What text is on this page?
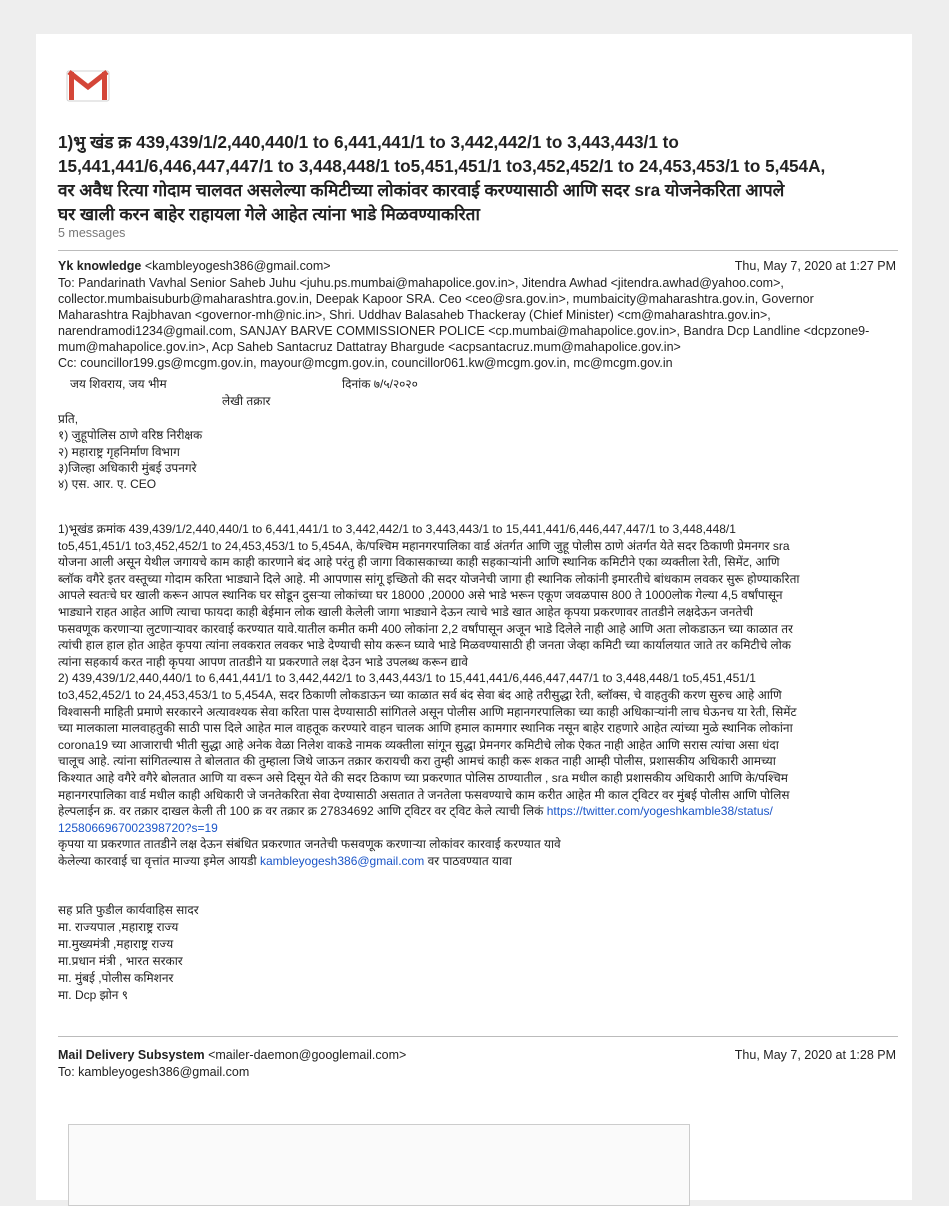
1)भु खंड क्र 439,439/1/2,440,440/1 to 6,441,441/1 to 3,442,442/1 to 3,443,443/1 to
15,441,441/6,446,447,447/1 to 3,448,448/1 to5,451,451/1 to3,452,452/1 to 24,453,453/1 to 5,454A,
वर अवैध रित्या गोदाम चालवत असलेल्या कमिटीच्या लोकांवर कारवाई करण्यासाठी आणि सदर sra योजनेकरिता आपले
घर खाली करन बाहेर राहायला गेले आहेत त्यांना भाडे मिळवण्याकरिता
5 messages
Yk knowledge <kambleyogesh386@gmail.com>	Thu, May 7, 2020 at 1:27 PM
To: Pandarinath Vavhal Senior Saheb Juhu <juhu.ps.mumbai@mahapolice.gov.in>, Jitendra Awhad <jitendra.awhad@yahoo.com>,
collector.mumbaisuburb@maharashtra.gov.in, Deepak Kapoor SRA. Ceo <ceo@sra.gov.in>, mumbaicity@maharashtra.gov.in, Governor
Maharashtra Rajbhavan <governor-mh@nic.in>, Shri. Uddhav Balasaheb Thackeray (Chief Minister) <cm@maharashtra.gov.in>,
narendramodi1234@gmail.com, SANJAY BARVE COMMISSIONER POLICE <cp.mumbai@mahapolice.gov.in>, Bandra Dcp Landline <dcpzone9-
mum@mahapolice.gov.in>, Acp Saheb Santacruz Dattatray Bhargude <acpsantacruz.mum@mahapolice.gov.in>
Cc: councillor199.gs@mcgm.gov.in, mayour@mcgm.gov.in, councillor061.kw@mcgm.gov.in, mc@mcgm.gov.in
जय शिवराय, जय भीम	दिनांक ७/५/२०२०
लेखी तक्रार
प्रति,
१) जुहूपोलिस ठाणे वरिष्ठ निरीक्षक
२) महाराष्ट्र गृहनिर्माण विभाग
३)जिल्हा अधिकारी मुंबई उपनगरे
४) एस. आर. ए. CEO
1)भूखंड क्रमांक 439,439/1/2,440,440/1 to 6,441,441/1 to 3,442,442/1 to 3,443,443/1 to 15,441,441/6,446,447,447/1 to 3,448,448/1
to5,451,451/1 to3,452,452/1 to 24,453,453/1 to 5,454A, के/पश्चिम महानगरपालिका वार्ड अंतर्गत आणि जुहू पोलीस ठाणे अंतर्गत येते सदर ठिकाणी प्रेमनगर sra
योजना आली असून येथील जगायचे काम काही कारणाने बंद आहे परंतु ही जागा विकासकाच्या काही सहकाऱ्यांनी आणि स्थानिक कमिटीने एका व्यक्तीला रेती, सिमेंट, आणि
ब्लॉक वगैरे इतर वस्तूच्या गोदाम करिता भाड्याने दिले आहे. मी आपणास सांगू इच्छितो की सदर योजनेची जागा ही स्थानिक लोकांनी इमारतीचे बांधकाम लवकर सुरू होण्याकरिता
आपले स्वतःचे घर खाली करून आपल स्थानिक घर सोडून दुसऱ्या लोकांच्या घर 18000 ,20000 असे भाडे भरून एकूण जवळपास 800 ते 1000लोक गेल्या 4,5 वर्षांपासून
भाड्याने राहत आहेत आणि त्याचा फायदा काही बेईमान लोक खाली केलेली जागा भाड्याने देऊन त्याचे भाडे खात आहेत कृपया प्रकरणावर तातडीने लक्षदेऊन जनतेची
फसवणूक करणाऱ्या लुटणाऱ्यावर कारवाई करण्यात यावे.यातील कमीत कमी 400 लोकांना 2,2 वर्षांपासून अजून भाडे दिलेले नाही आहे आणि अता लोकडाऊन च्या काळात तर
त्यांची हाल हाल होत आहेत कृपया त्यांना लवकरात लवकर भाडे देण्याची सोय करून घ्यावे भाडे मिळवण्यासाठी ही जनता जेव्हा कमिटी च्या कार्यालयात जाते तर कमिटीचे लोक
त्यांना सहकार्य करत नाही कृपया आपण तातडीने या प्रकरणाते लक्ष देउन भाडे उपलब्ध करून द्यावे
2) 439,439/1/2,440,440/1 to 6,441,441/1 to 3,442,442/1 to 3,443,443/1 to 15,441,441/6,446,447,447/1 to 3,448,448/1 to5,451,451/1
to3,452,452/1 to 24,453,453/1 to 5,454A, सदर ठिकाणी लोकडाऊन च्या काळात सर्व बंद सेवा बंद आहे तरीसुद्धा रेती, ब्लॉक्स, चे वाहतुकी करण सुरुच आहे आणि
विश्वासनी माहिती प्रमाणे सरकारने अत्यावश्यक सेवा करिता पास देण्यासाठी सांगितले असून पोलीस आणि महानगरपालिका च्या काही अधिकाऱ्यांनी लाच घेऊनच या रेती, सिमेंट
च्या मालकाला मालवाहतुकी साठी पास दिले आहेत माल वाहतूक करण्यारे वाहन चालक आणि हमाल कामगार स्थानिक नसून बाहेर राहणारे आहेत त्यांच्या मुळे स्थानिक लोकांना
corona19 च्या आजाराची भीती सुद्धा आहे अनेक वेळा निलेश वाकडे नामक व्यक्तीला सांगून सुद्धा प्रेमनगर कमिटीचे लोक ऐकत नाही आहेत आणि सरास त्यांचा असा धंदा
चालूच आहे. त्यांना सांगितल्यास ते बोलतात की तुम्हाला जिथे जाऊन तक्रार करायची करा तुम्ही आमचं काही करू शकत नाही आम्ही पोलीस, प्रशासकीय अधिकारी आमच्या
किश्यात आहे वगैरे वगैरे बोलतात आणि या वरून असे दिसून येते की सदर ठिकाण च्या प्रकरणात पोलिस ठाण्यातील , sra मधील काही प्रशासकीय अधिकारी आणि के/पश्चिम
महानगरपालिका वार्ड मधील काही अधिकारी जे जनतेकरिता सेवा देण्यासाठी असतात ते जनतेला फसवण्याचे काम करीत आहेत मी काल ट्विटर वर मुंबई पोलीस आणि पोलिस
हेल्पलाईन क्र. वर तक्रार दाखल केली ती 100 क्र वर तक्रार क्र 27834692 आणि ट्विटर वर ट्विट केले त्याची लिकं https://twitter.com/yogeshkamble38/status/
1258066967002398720?s=19
कृपया या प्रकरणात तातडीने लक्ष देऊन संबंधित प्रकरणात जनतेची फसवणूक करणाऱ्या लोकांवर कारवाई करण्यात यावे
केलेल्या कारवाई चा वृत्तांत माज्या इमेल आयडी kambleyogesh386@gmail.com वर पाठवण्यात यावा
सह प्रति फुडील कार्यवाहिस सादर
मा. राज्यपाल ,महाराष्ट्र राज्य
मा.मुख्यमंत्री ,महाराष्ट्र राज्य
मा.प्रधान मंत्री , भारत सरकार
मा. मुंबई ,पोलीस कमिशनर
मा. Dcp झोन ९
Mail Delivery Subsystem <mailer-daemon@googlemail.com>	Thu, May 7, 2020 at 1:28 PM
To: kambleyogesh386@gmail.com
